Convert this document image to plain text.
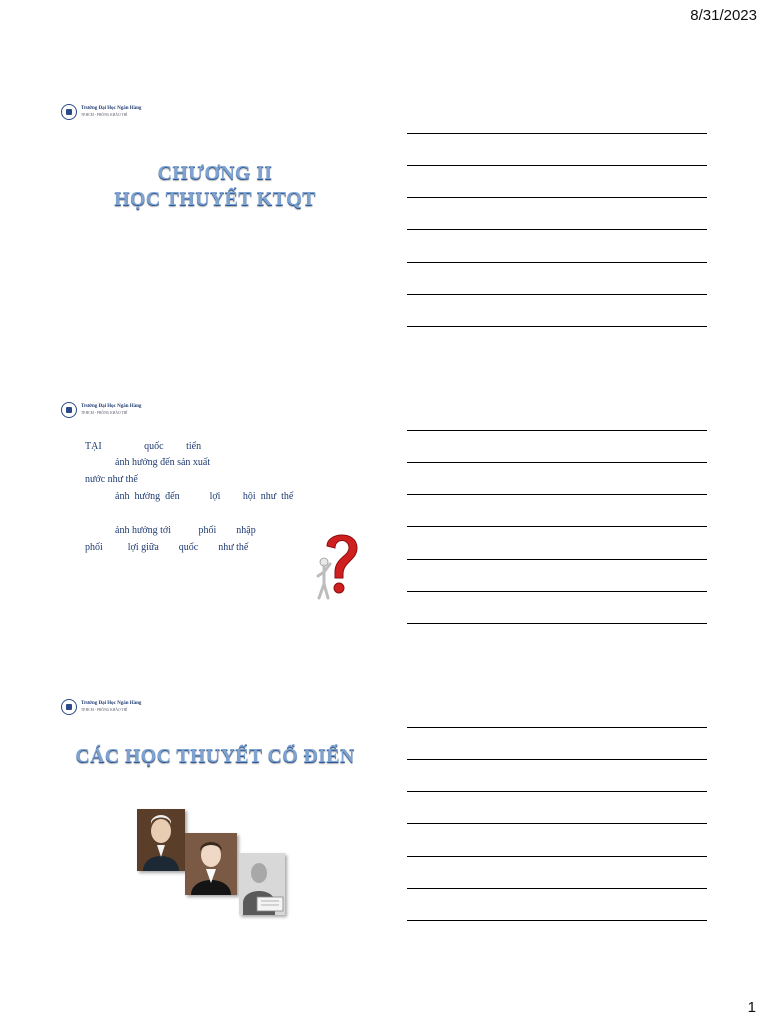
8/31/2023
Trường Đại Học Ngân Hàng
TP.HCM - PHÒNG KHẢO THÍ
CHƯƠNG II
HỌC THUYẾT KTQT
Trường Đại Học Ngân Hàng
TP.HCM - PHÒNG KHẢO THÍ
TẠI                 quốc         tiến
ảnh hưởng đến sản xuất
nước như thế
ảnh  hưởng  đến            lợi         hội  như  thế
ảnh hưởng tới           phối        nhập
phối          lợi giữa        quốc        như thế
Trường Đại Học Ngân Hàng
TP.HCM - PHÒNG KHẢO THÍ
CÁC HỌC THUYẾT CỔ ĐIỂN
1
